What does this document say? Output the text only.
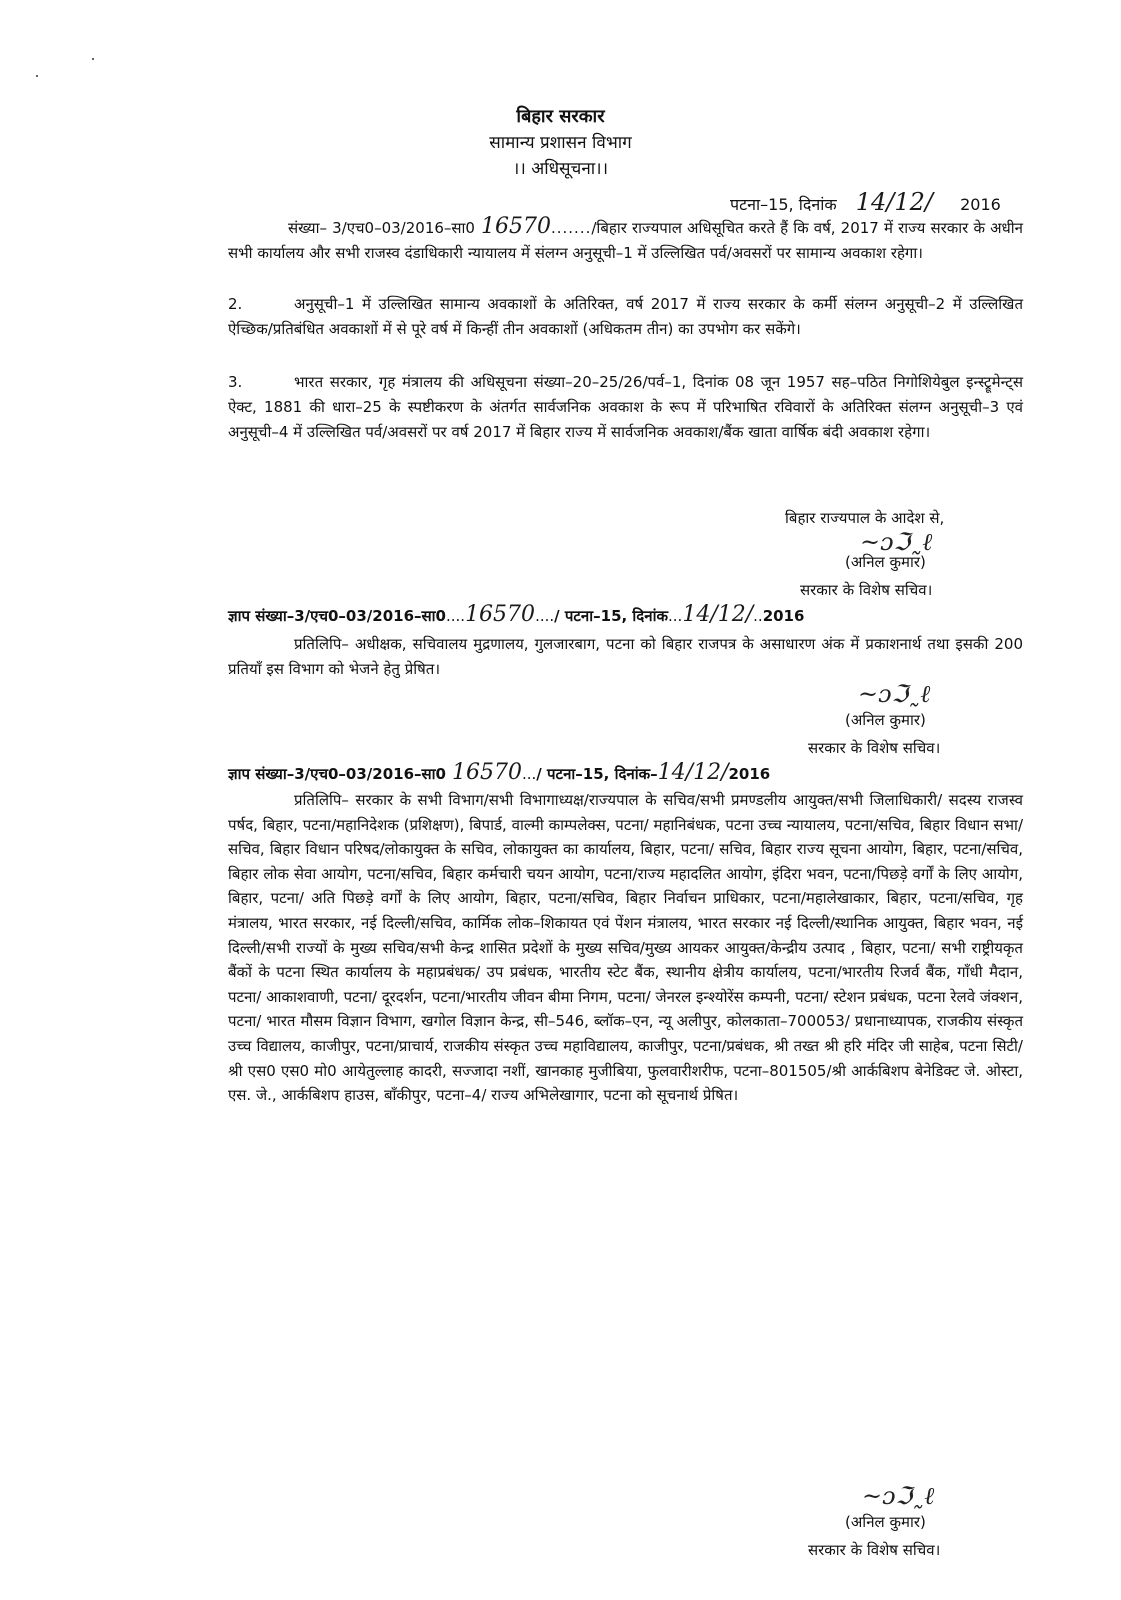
बिहार सरकार
सामान्य प्रशासन विभाग
।। अधिसूचना।।
पटना–15, दिनांक 14/12/ 2016
संख्या– 3/एच0–03/2016–सा0 16570......./बिहार राज्यपाल अधिसूचित करते हैं कि वर्ष, 2017 में राज्य सरकार के अधीन सभी कार्यालय और सभी राजस्व दंडाधिकारी न्यायालय में संलग्न अनुसूची–1 में उल्लिखित पर्व/अवसरों पर सामान्य अवकाश रहेगा।
2.	अनुसूची–1 में उल्लिखित सामान्य अवकाशों के अतिरिक्त, वर्ष 2017 में राज्य सरकार के कर्मी संलग्न अनुसूची–2 में उल्लिखित ऐच्छिक/प्रतिबंधित अवकाशों में से पूरे वर्ष में किन्हीं तीन अवकाशों (अधिकतम तीन) का उपभोग कर सकेंगे।
3.	भारत सरकार, गृह मंत्रालय की अधिसूचना संख्या–20–25/26/पर्व–1, दिनांक 08 जून 1957 सह–पठित निगोशियेबुल इन्स्ट्रूमेन्ट्स ऐक्ट, 1881 की धारा–25 के स्पष्टीकरण के अंतर्गत सार्वजनिक अवकाश के रूप में परिभाषित रविवारों के अतिरिक्त संलग्न अनुसूची–3 एवं अनुसूची–4 में उल्लिखित पर्व/अवसरों पर वर्ष 2017 में बिहार राज्य में सार्वजनिक अवकाश/बैंक खाता वार्षिक बंदी अवकाश रहेगा।
बिहार राज्यपाल के आदेश से,
~ɔℑ˷ℓ
(अनिल कुमार)
सरकार के विशेष सचिव।
ज्ञाप संख्या–3/एच0–03/2016–सा0....16570..../ पटना–15, दिनांक...14/12/..2016
प्रतिलिपि– अधीक्षक, सचिवालय मुद्रणालय, गुलजारबाग, पटना को बिहार राजपत्र के असाधारण अंक में प्रकाशनार्थ तथा इसकी 200 प्रतियाँ इस विभाग को भेजने हेतु प्रेषित।
~ɔℑ˷ℓ
(अनिल कुमार)
सरकार के विशेष सचिव।
ज्ञाप संख्या–3/एच0–03/2016–सा0 16570.../ पटना–15, दिनांक–14/12/2016
प्रतिलिपि– सरकार के सभी विभाग/सभी विभागाध्यक्ष/राज्यपाल के सचिव/सभी प्रमण्डलीय आयुक्त/सभी जिलाधिकारी/ सदस्य राजस्व पर्षद, बिहार, पटना/महानिदेशक (प्रशिक्षण), बिपार्ड, वाल्मी काम्पलेक्स, पटना/ महानिबंधक, पटना उच्च न्यायालय, पटना/सचिव, बिहार विधान सभा/सचिव, बिहार विधान परिषद/लोकायुक्त के सचिव, लोकायुक्त का कार्यालय, बिहार, पटना/ सचिव, बिहार राज्य सूचना आयोग, बिहार, पटना/सचिव, बिहार लोक सेवा आयोग, पटना/सचिव, बिहार कर्मचारी चयन आयोग, पटना/राज्य महादलित आयोग, इंदिरा भवन, पटना/पिछड़े वर्गों के लिए आयोग, बिहार, पटना/ अति पिछड़े वर्गों के लिए आयोग, बिहार, पटना/सचिव, बिहार निर्वाचन प्राधिकार, पटना/महालेखाकार, बिहार, पटना/सचिव, गृह मंत्रालय, भारत सरकार, नई दिल्ली/सचिव, कार्मिक लोक–शिकायत एवं पेंशन मंत्रालय, भारत सरकार नई दिल्ली/स्थानिक आयुक्त, बिहार भवन, नई दिल्ली/सभी राज्यों के मुख्य सचिव/सभी केन्द्र शासित प्रदेशों के मुख्य सचिव/मुख्य आयकर आयुक्त/केन्द्रीय उत्पाद , बिहार, पटना/ सभी राष्ट्रीयकृत बैंकों के पटना स्थित कार्यालय के महाप्रबंधक/ उप प्रबंधक, भारतीय स्टेट बैंक, स्थानीय क्षेत्रीय कार्यालय, पटना/भारतीय रिजर्व बैंक, गाँधी मैदान, पटना/ आकाशवाणी, पटना/ दूरदर्शन, पटना/भारतीय जीवन बीमा निगम, पटना/ जेनरल इन्श्योरेंस कम्पनी, पटना/ स्टेशन प्रबंधक, पटना रेलवे जंक्शन, पटना/ भारत मौसम विज्ञान विभाग, खगोल विज्ञान केन्द्र, सी–546, ब्लॉक–एन, न्यू अलीपुर, कोलकाता–700053/ प्रधानाध्यापक, राजकीय संस्कृत उच्च विद्यालय, काजीपुर, पटना/प्राचार्य, राजकीय संस्कृत उच्च महाविद्यालय, काजीपुर, पटना/प्रबंधक, श्री तख्त श्री हरि मंदिर जी साहेब, पटना सिटी/श्री एस0 एस0 मो0 आयेतुल्लाह कादरी, सज्जादा नशीं, खानकाह मुजीबिया, फुलवारीशरीफ, पटना–801505/श्री आर्कबिशप बेनेडिक्ट जे. ओस्टा, एस. जे., आर्कबिशप हाउस, बाँकीपुर, पटना–4/ राज्य अभिलेखागार, पटना को सूचनार्थ प्रेषित।
~ɔℑ˷ℓ
(अनिल कुमार)
सरकार के विशेष सचिव।
